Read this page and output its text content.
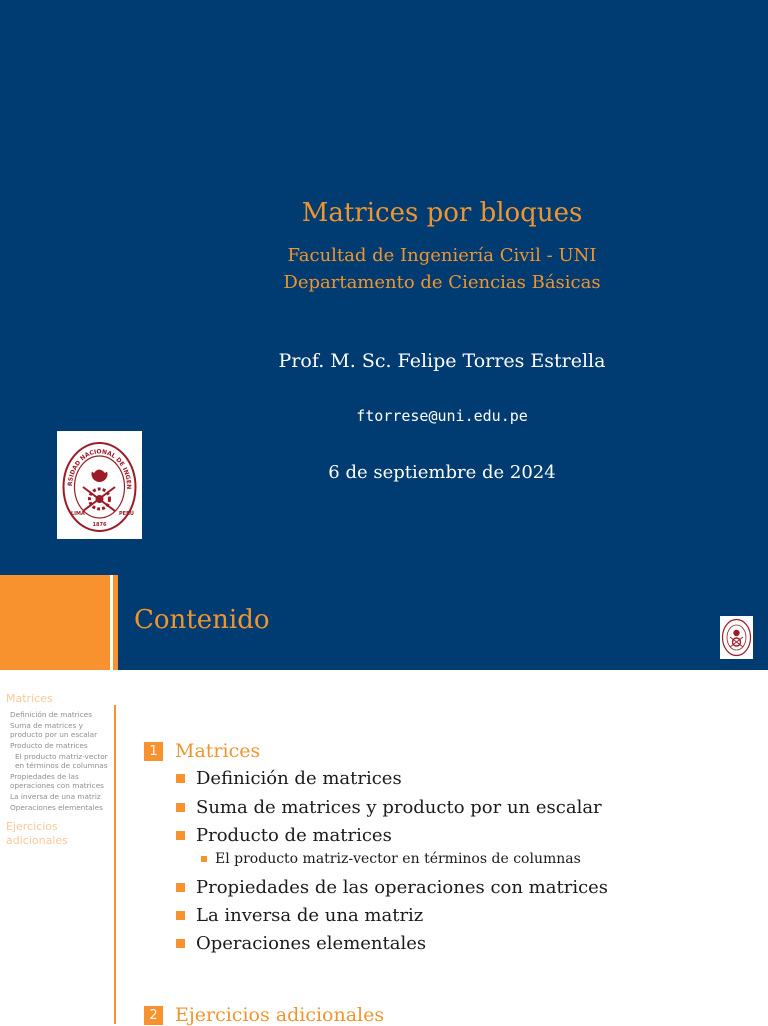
Matrices por bloques
Facultad de Ingeniería Civil - UNI
Departamento de Ciencias Básicas
Prof. M. Sc. Felipe Torres Estrella
ftorrese@uni.edu.pe
6 de septiembre de 2024
RSIDAD NACIONAL DE INGEN
LIMA	PERÚ
1876
Contenido
Matrices
Definición de matrices
Suma de matrices y producto por un escalar
Producto de matrices
El producto matriz-vector en términos de columnas
Propiedades de las operaciones con matrices
La inversa de una matriz
Operaciones elementales
Ejercicios adicionales
1 Matrices
Definición de matrices
Suma de matrices y producto por un escalar
Producto de matrices
El producto matriz-vector en términos de columnas
Propiedades de las operaciones con matrices
La inversa de una matriz
Operaciones elementales
2 Ejercicios adicionales
